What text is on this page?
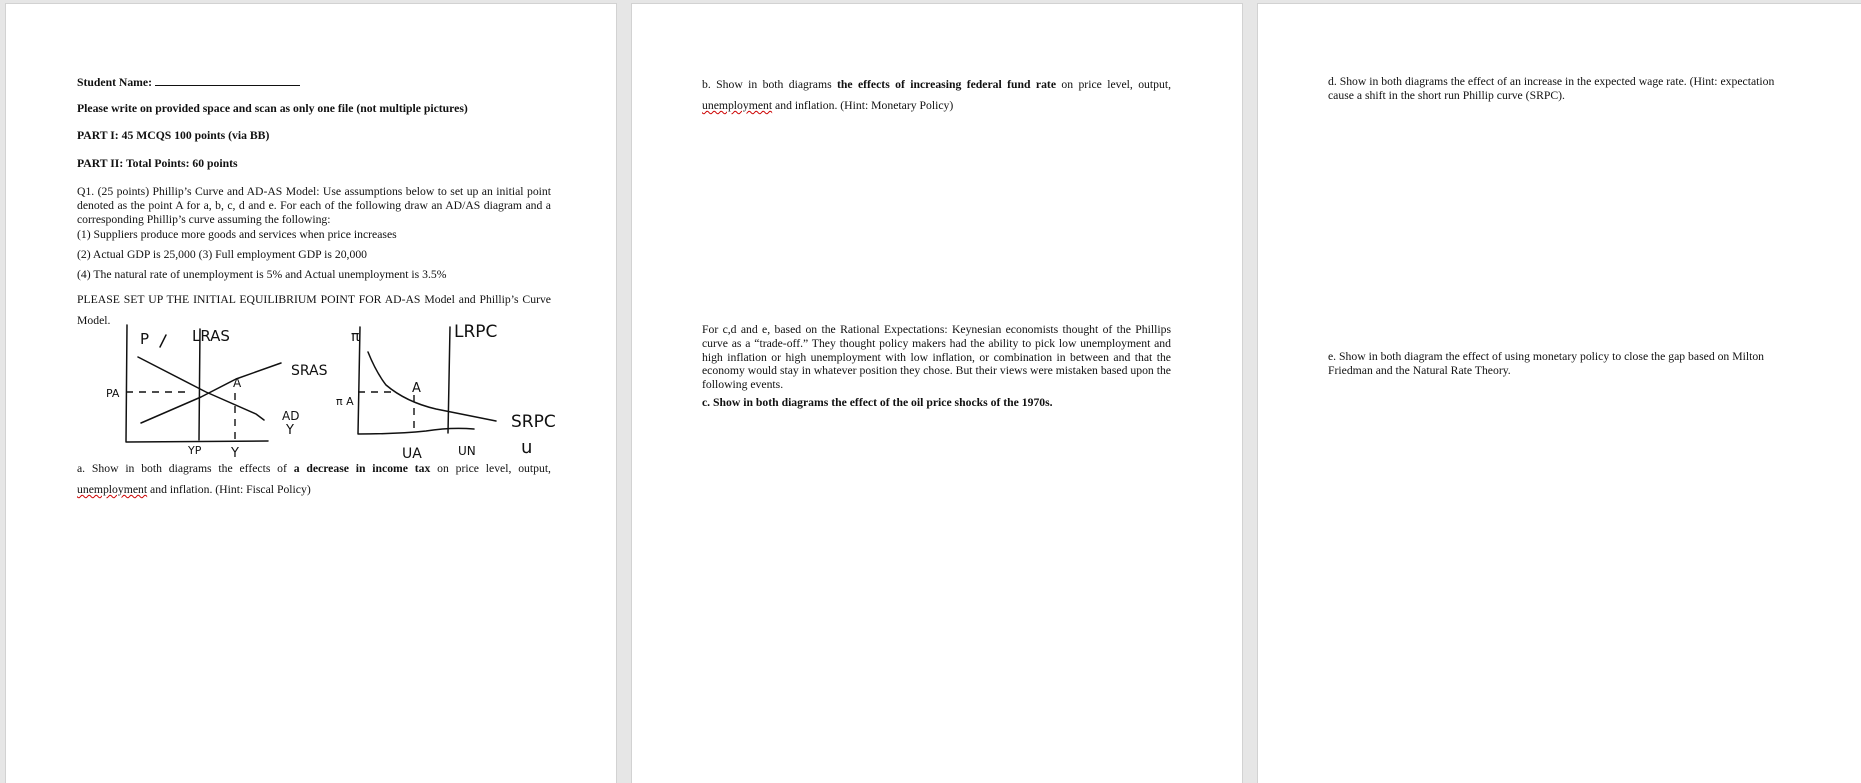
Student Name:
Please write on provided space and scan as only one file (not multiple pictures)
PART I: 45 MCQS 100 points (via BB)
PART II: Total Points: 60 points
Q1. (25 points) Phillip’s Curve and AD-AS Model: Use assumptions below to set up an initial point denoted as the point A for a, b, c, d and e. For each of the following draw an AD/AS diagram and a corresponding Phillip’s curve assuming the following:
(1) Suppliers produce more goods and services when price increases
(2) Actual GDP is 25,000 (3) Full employment GDP is 20,000
(4) The natural rate of unemployment is 5% and Actual unemployment is 3.5%
PLEASE SET UP THE INITIAL EQUILIBRIUM POINT FOR AD-AS Model and Phillip’s Curve Model.
P	LRAS
SRAS
AD
PA
A
YP Y
Y
π	LRPC
SRPC
π A
A
UA	UN	u
a. Show in both diagrams the effects of a decrease in income tax on price level, output,
unemployment and inflation. (Hint: Fiscal Policy)
b. Show in both diagrams the effects of increasing federal fund rate on price level, output,
unemployment and inflation. (Hint: Monetary Policy)
For c,d and e, based on the Rational Expectations: Keynesian economists thought of the Phillips curve as a “trade-off.” They thought policy makers had the ability to pick low unemployment and high inflation or high unemployment with low inflation, or combination in between and that the economy would stay in whatever position they chose. But their views were mistaken based upon the following events.
c. Show in both diagrams the effect of the oil price shocks of the 1970s.
d. Show in both diagrams the effect of an increase in the expected wage rate. (Hint: expectation cause a shift in the short run Phillip curve (SRPC).
e. Show in both diagram the effect of using monetary policy to close the gap based on Milton Friedman and the Natural Rate Theory.
